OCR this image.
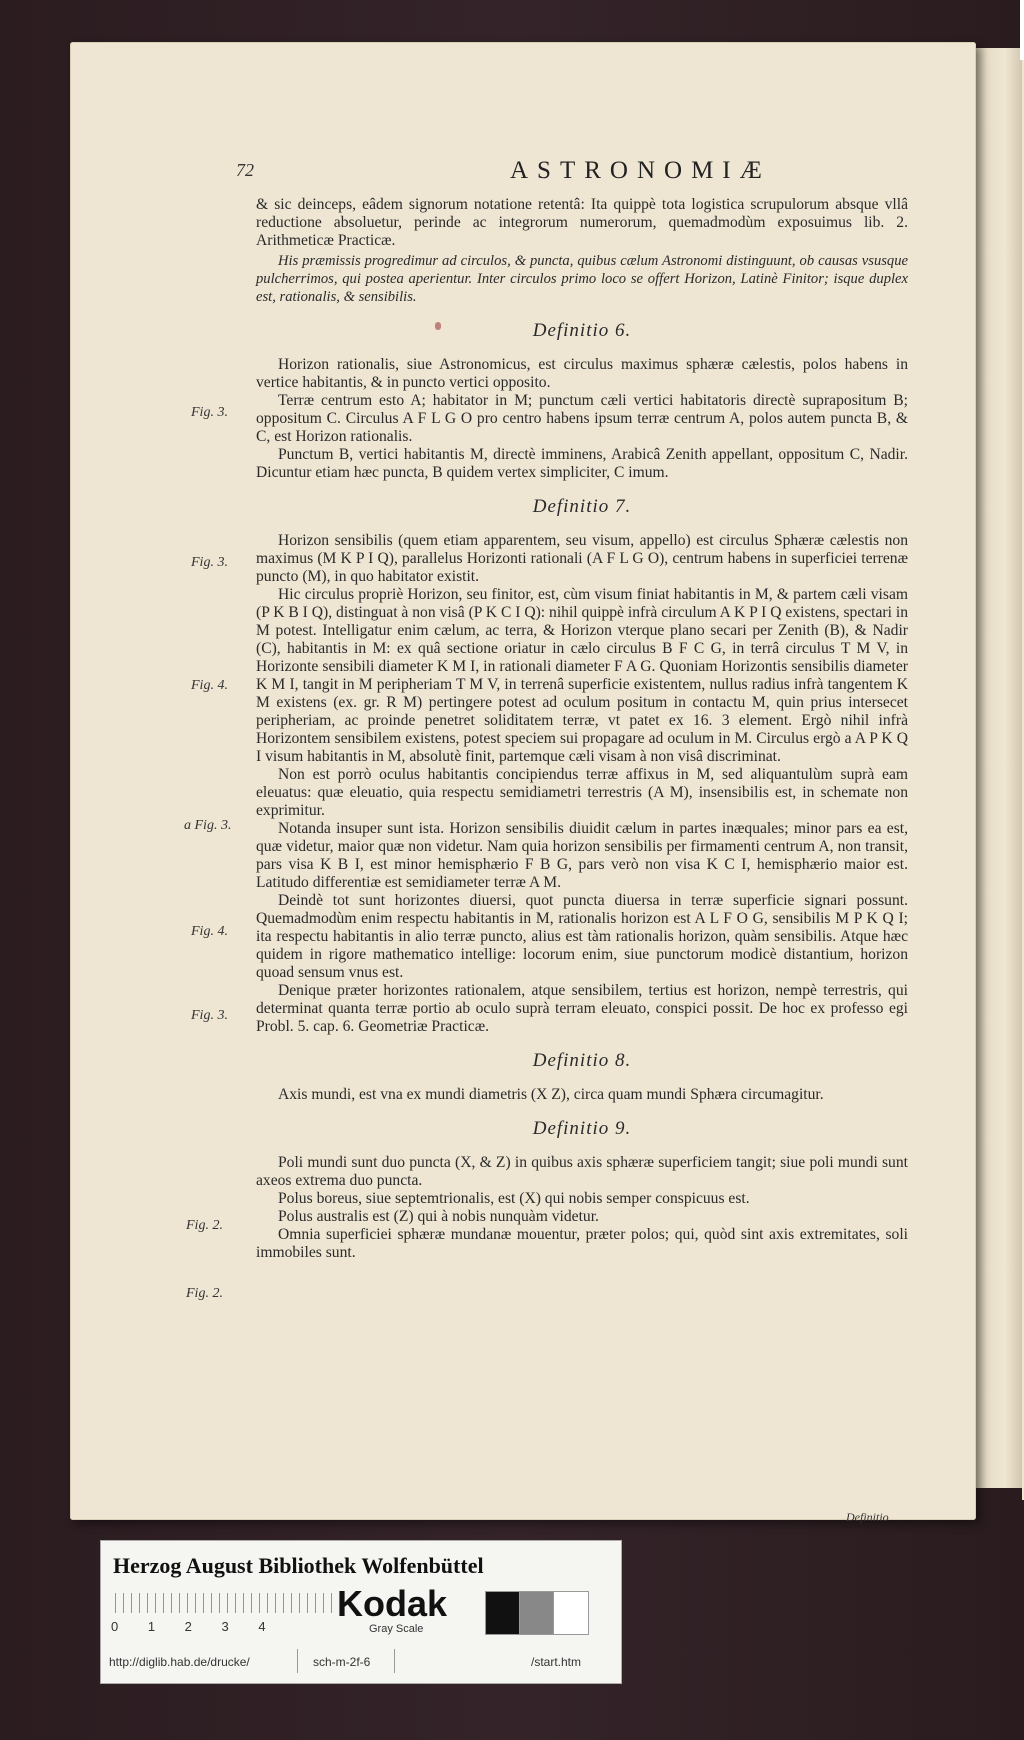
72	ASTRONOMIÆ
Fig. 3.
Fig. 3.
Fig. 4.
a Fig. 3.
Fig. 4.
Fig. 3.
Fig. 2.
Fig. 2.

& sic deinceps, eâdem signorum notatione retentâ: Ita quippè tota logistica scrupulorum absque vllâ reductione absoluetur, perinde ac integrorum numerorum, quemadmodùm exposuimus lib. 2. Arithmeticæ Practicæ.

His præmissis progredimur ad circulos, & puncta, quibus cælum Astronomi distinguunt, ob causas vsusque pulcherrimos, qui postea aperientur. Inter circulos primo loco se offert Horizon, Latinè Finitor; isque duplex est, rationalis, & sensibilis.

Definitio 6.

Horizon rationalis, siue Astronomicus, est circulus maximus sphæræ cælestis, polos habens in vertice habitantis, & in puncto vertici opposito.

Terræ centrum esto A; habitator in M; punctum cæli vertici habitatoris directè suprapositum B; oppositum C. Circulus A F L G O pro centro habens ipsum terræ centrum A, polos autem puncta B, & C, est Horizon rationalis.

Punctum B, vertici habitantis M, directè imminens, Arabicâ Zenith appellant, oppositum C, Nadir. Dicuntur etiam hæc puncta, B quidem vertex simpliciter, C imum.

Definitio 7.

Horizon sensibilis (quem etiam apparentem, seu visum, appello) est circulus Sphæræ cælestis non maximus (M K P I Q), parallelus Horizonti rationali (A F L G O), centrum habens in superficiei terrenæ puncto (M), in quo habitator existit.

Hic circulus propriè Horizon, seu finitor, est, cùm visum finiat habitantis in M, & partem cæli visam (P K B I Q), distinguat à non visâ (P K C I Q): nihil quippè infrà circulum A K P I Q existens, spectari in M potest. Intelligatur enim cælum, ac terra, & Horizon vterque plano secari per Zenith (B), & Nadir (C), habitantis in M: ex quâ sectione oriatur in cælo circulus B F C G, in terrâ circulus T M V, in Horizonte sensibili diameter K M I, in rationali diameter F A G. Quoniam Horizontis sensibilis diameter K M I, tangit in M peripheriam T M V, in terrenâ superficie existentem, nullus radius infrà tangentem K M existens (ex. gr. R M) pertingere potest ad oculum positum in contactu M, quin prius intersecet peripheriam, ac proinde penetret soliditatem terræ, vt patet ex 16. 3 element. Ergò nihil infrà Horizontem sensibilem existens, potest speciem sui propagare ad oculum in M. Circulus ergò a A P K Q I visum habitantis in M, absolutè finit, partemque cæli visam à non visâ discriminat.

Non est porrò oculus habitantis concipiendus terræ affixus in M, sed aliquantulùm suprà eam eleuatus: quæ eleuatio, quia respectu semidiametri terrestris (A M), insensibilis est, in schemate non exprimitur.

Notanda insuper sunt ista. Horizon sensibilis diuidit cælum in partes inæquales; minor pars ea est, quæ videtur, maior quæ non videtur. Nam quia horizon sensibilis per firmamenti centrum A, non transit, pars visa K B I, est minor hemisphærio F B G, pars verò non visa K C I, hemisphærio maior est. Latitudo differentiæ est semidiameter terræ A M.

Deindè tot sunt horizontes diuersi, quot puncta diuersa in terræ superficie signari possunt. Quemadmodùm enim respectu habitantis in M, rationalis horizon est A L F O G, sensibilis M P K Q I; ita respectu habitantis in alio terræ puncto, alius est tàm rationalis horizon, quàm sensibilis. Atque hæc quidem in rigore mathematico intellige: locorum enim, siue punctorum modicè distantium, horizon quoad sensum vnus est.

Denique præter horizontes rationalem, atque sensibilem, tertius est horizon, nempè terrestris, qui determinat quanta terræ portio ab oculo suprà terram eleuato, conspici possit. De hoc ex professo egi Probl. 5. cap. 6. Geometriæ Practicæ.

Definitio 8.

Axis mundi, est vna ex mundi diametris (X Z), circa quam mundi Sphæra circumagitur.

Definitio 9.

Poli mundi sunt duo puncta (X, & Z) in quibus axis sphæræ superficiem tangit; siue poli mundi sunt axeos extrema duo puncta.

Polus boreus, siue septemtrionalis, est (X) qui nobis semper conspicuus est.

Polus australis est (Z) qui à nobis nunquàm videtur.

Omnia superficiei sphæræ mundanæ mouentur, præter polos; qui, quòd sint axis extremitates, soli immobiles sunt.

Definitio
Herzog August Bibliothek Wolfenbüttel
0 1 2 3 4
Kodak
Gray Scale
http://diglib.hab.de/drucke/	sch-m-2f-6	/start.htm
